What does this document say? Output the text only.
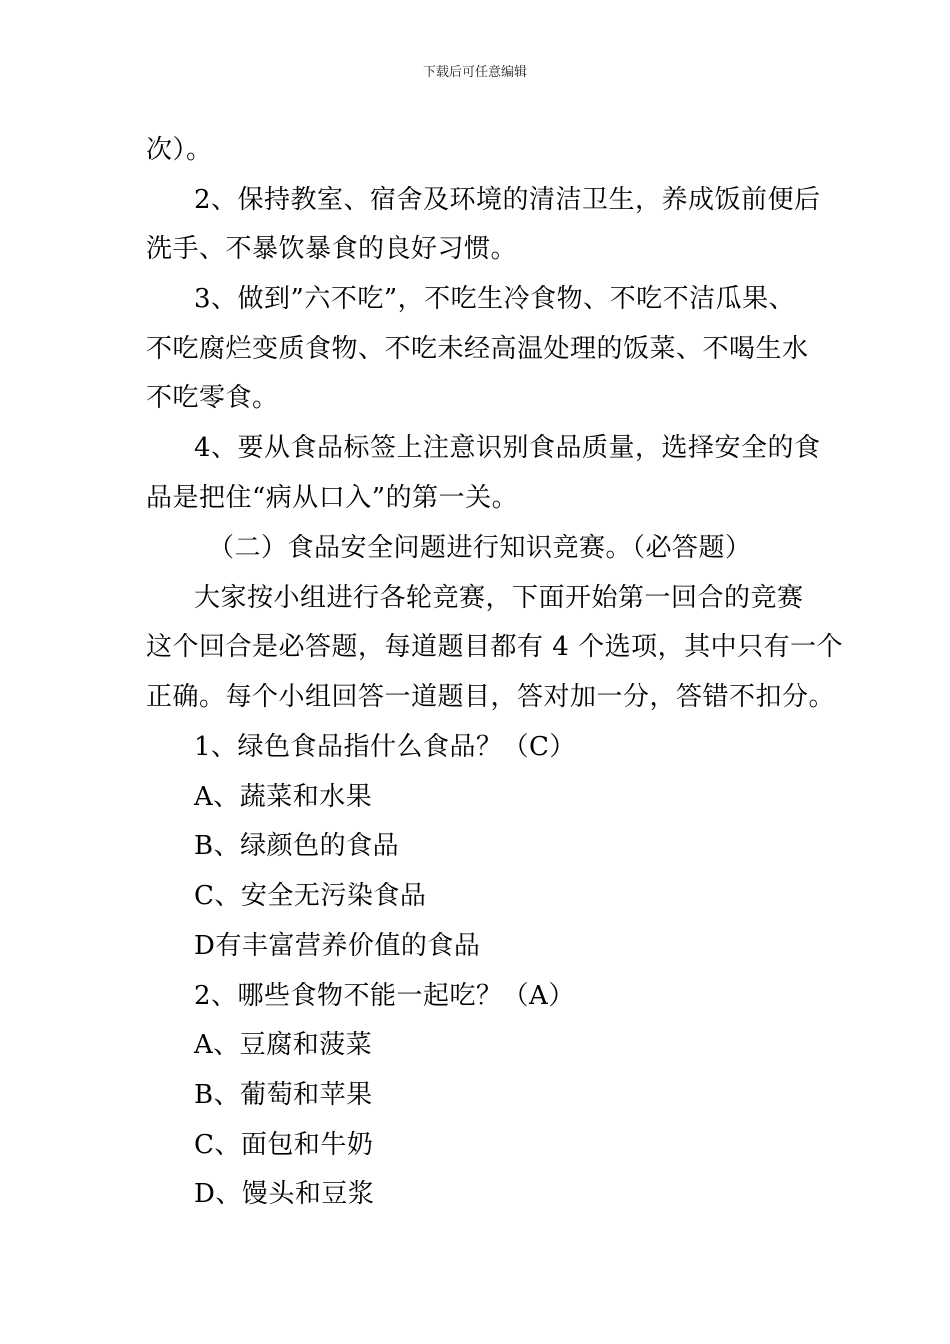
下载后可任意编辑
次）。
2、保持教室、宿舍及环境的清洁卫生，养成饭前便后
洗手、不暴饮暴食的良好习惯。
3、做到”六不吃”，不吃生冷食物、不吃不洁瓜果、
不吃腐烂变质食物、不吃未经高温处理的饭菜、不喝生水
不吃零食。
4、要从食品标签上注意识别食品质量，选择安全的食
品是把住“病从口入”的第一关。
（二）食品安全问题进行知识竞赛。（必答题）
大家按小组进行各轮竞赛，下面开始第一回合的竞赛
这个回合是必答题，每道题目都有 4 个选项，其中只有一个
正确。每个小组回答一道题目，答对加一分，答错不扣分。
1、绿色食品指什么食品？（C）
A、蔬菜和水果
B、绿颜色的食品
C、安全无污染食品
D有丰富营养价值的食品
2、哪些食物不能一起吃？（A）
A、豆腐和菠菜
B、葡萄和苹果
C、面包和牛奶
D、馒头和豆浆
